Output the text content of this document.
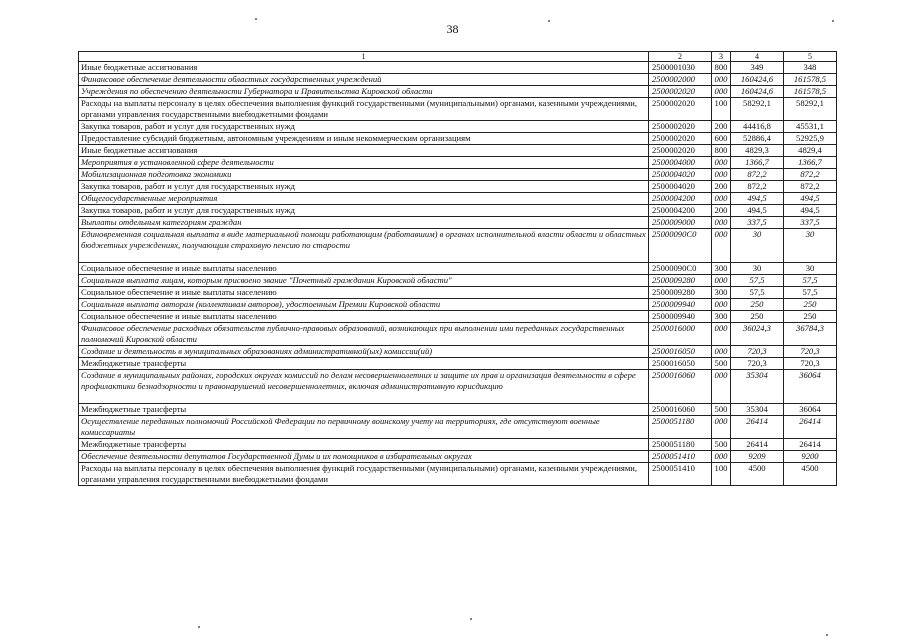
38
1	2	3	4	5
Иные бюджетные ассигнования	2500001030	800	349	348
Финансовое обеспечение деятельности областных государственных учреждений	2500002000	000	160424,6	161578,5
Учреждения по обеспечению деятельности Губернатора и Правительства Кировской области	2500002020	000	160424,6	161578,5
Расходы на выплаты персоналу в целях обеспечения выполнения функций государственными (муниципальными) органами, казенными учреждениями, органами управления государственными внебюджетными фондами	2500002020	100	58292,1	58292,1
Закупка товаров, работ и услуг для государственных нужд	2500002020	200	44416,8	45531,1
Предоставление субсидий бюджетным, автономным учреждениям и иным некоммерческим организациям	2500002020	600	52886,4	52925,9
Иные бюджетные ассигнования	2500002020	800	4829,3	4829,4
Мероприятия в установленной сфере деятельности	2500004000	000	1366,7	1366,7
Мобилизационная подготовка экономики	2500004020	000	872,2	872,2
Закупка товаров, работ и услуг для государственных нужд	2500004020	200	872,2	872,2
Общегосударственные мероприятия	2500004200	000	494,5	494,5
Закупка товаров, работ и услуг для государственных нужд	2500004200	200	494,5	494,5
Выплаты отдельным категориям граждан	2500009000	000	337,5	337,5
Единовременная социальная выплата в виде материальной помощи работающим (работавшим) в органах исполнительной власти области и областных бюджетных учреждениях, получающим страховую пенсию по старости	25000090С0	000	30	30
Социальное обеспечение и иные выплаты населению	25000090С0	300	30	30
Социальная выплата лицам, которым присвоено звание "Почетный гражданин Кировской области"	2500009280	000	57,5	57,5
Социальное обеспечение и иные выплаты населению	2500009280	300	57,5	57,5
Социальная выплата авторам (коллективам авторов), удостоенным Премии Кировской области	2500009940	000	250	250
Социальное обеспечение и иные выплаты населению	2500009940	300	250	250
Финансовое обеспечение расходных обязательств публично-правовых образований, возникающих при выполнении ими переданных государственных полномочий Кировской области	2500016000	000	36024,3	36784,3
Создание и деятельность в муниципальных образованиях административной(ых) комиссии(ий)	2500016050	000	720,3	720,3
Межбюджетные трансферты	2500016050	500	720,3	720,3
Создание в муниципальных районах, городских округах комиссий по делам несовершеннолетних и защите их прав и организация деятельности в сфере профилактики безнадзорности и правонарушений несовершеннолетних, включая административную юрисдикцию	2500016060	000	35304	36064
Межбюджетные трансферты	2500016060	500	35304	36064
Осуществление переданных полномочий Российской Федерации по первичному воинскому учету на территориях, где отсутствуют военные комиссариаты	2500051180	000	26414	26414
Межбюджетные трансферты	2500051180	500	26414	26414
Обеспечение деятельности депутатов Государственной Думы и их помощников в избирательных округах	2500051410	000	9209	9200
Расходы на выплаты персоналу в целях обеспечения выполнения функций государственными (муниципальными) органами, казенными учреждениями, органами управления государственными внебюджетными фондами	2500051410	100	4500	4500
